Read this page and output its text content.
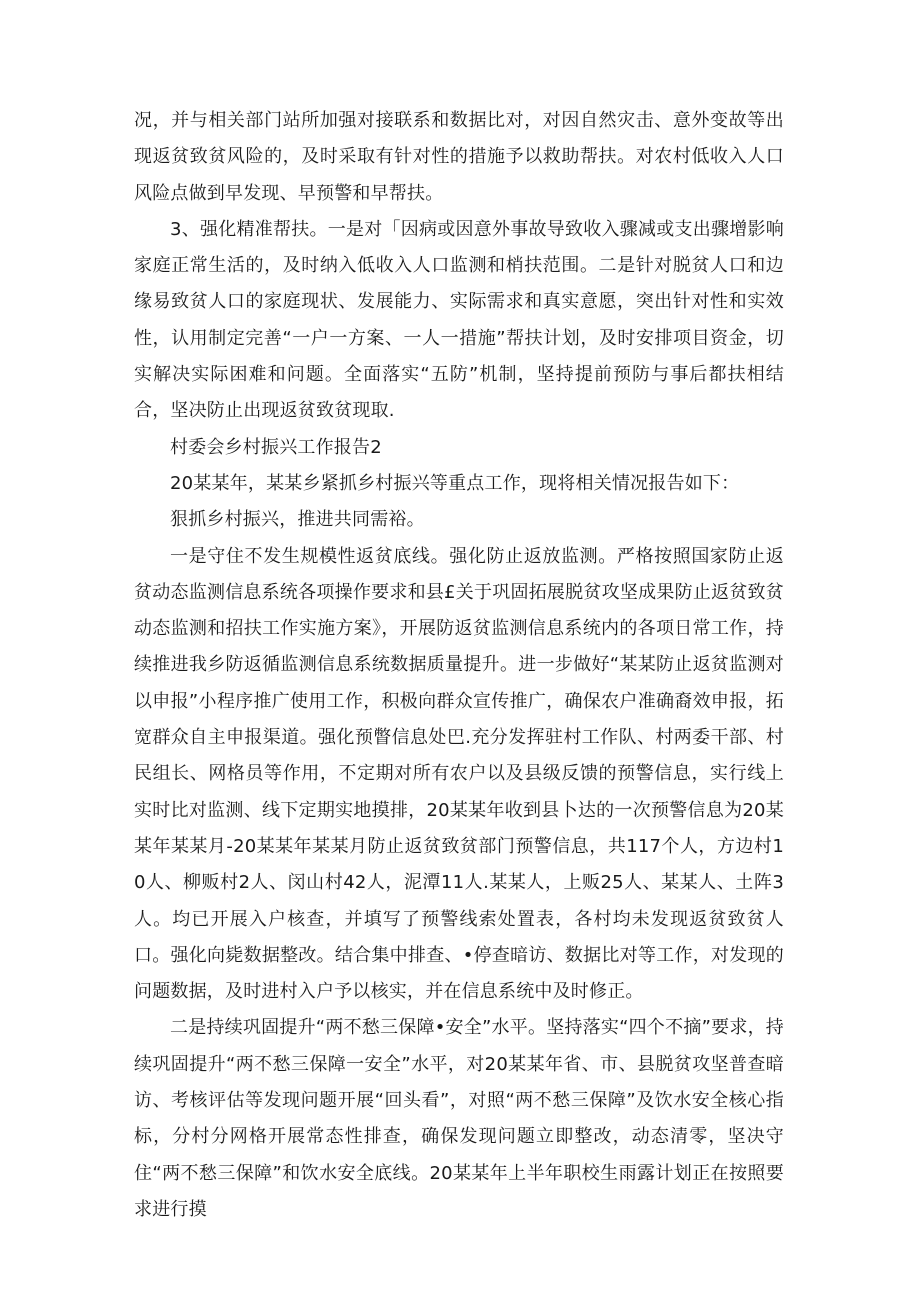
况，并与相关部门站所加强对接联系和数据比对，对因自然灾击、意外变故等出现返贫致贫风险的，及时采取有针对性的措施予以救助帮扶。对农村低收入人口风险点做到早发现、早预警和早帮扶。

3、强化精准帮扶。一是对「因病或因意外事故导致收入骤减或支出骤增影响家庭正常生活的，及时纳入低收入人口监测和梢扶范围。二是针对脱贫人口和边缘易致贫人口的家庭现状、发展能力、实际需求和真实意愿，突出针对性和实效性，认用制定完善“一户一方案、一人一措施”帮扶计划，及时安排项目资金，切实解决实际困难和问题。全面落实“五防”机制，坚持提前预防与事后都扶相结合，坚决防止出现返贫致贫现取.

村委会乡村振兴工作报告2

20某某年，某某乡紧抓乡村振兴等重点工作，现将相关情况报告如下：

狠抓乡村振兴，推进共同需裕。

一是守住不发生规模性返贫底线。强化防止返放监测。严格按照国家防止返贫动态监测信息系统各项操作要求和县£关于巩固拓展脱贫攻坚成果防止返贫致贫动态监测和招扶工作实施方案》，开展防返贫监测信息系统内的各项日常工作，持续推进我乡防返循监测信息系统数据质量提升。进一步做好“某某防止返贫监测对以申报”小程序推广使用工作，积极向群众宣传推广，确保农户准确裔效申报，拓宽群众自主申报渠道。强化预瞥信息处巴.充分发挥驻村工作队、村两委干部、村民组长、网格员等作用，不定期对所有农户以及县级反馈的预警信息，实行线上实时比对监测、线下定期实地摸排，20某某年收到县卜达的一次预警信息为20某某年某某月-20某某年某某月防止返贫致贫部门预警信息，共117个人，方边村10人、柳贩村2人、闵山村42人，泥潭11人.某某人，上贩25人、某某人、土阵3人。均已开展入户核查，并填写了预警线索处置表，各村均未发现返贫致贫人口。强化向毙数据整改。结合集中排查、•停查暗访、数据比对等工作，对发现的问题数据，及时进村入户予以核实，并在信息系统中及时修正。

二是持续巩固提升“两不愁三保障•安全”水平。坚持落实“四个不摘”要求，持续巩固提升“两不愁三保障一安全”水平，对20某某年省、市、县脱贫攻坚普查暗访、考核评估等发现问题开展“回头看”，对照“两不愁三保障”及饮水安全核心指标，分村分网格开展常态性排查，确保发现问题立即整改，动态清零，坚决守住“两不愁三保障”和饮水安全底线。20某某年上半年职校生雨露计划正在按照要求进行摸
